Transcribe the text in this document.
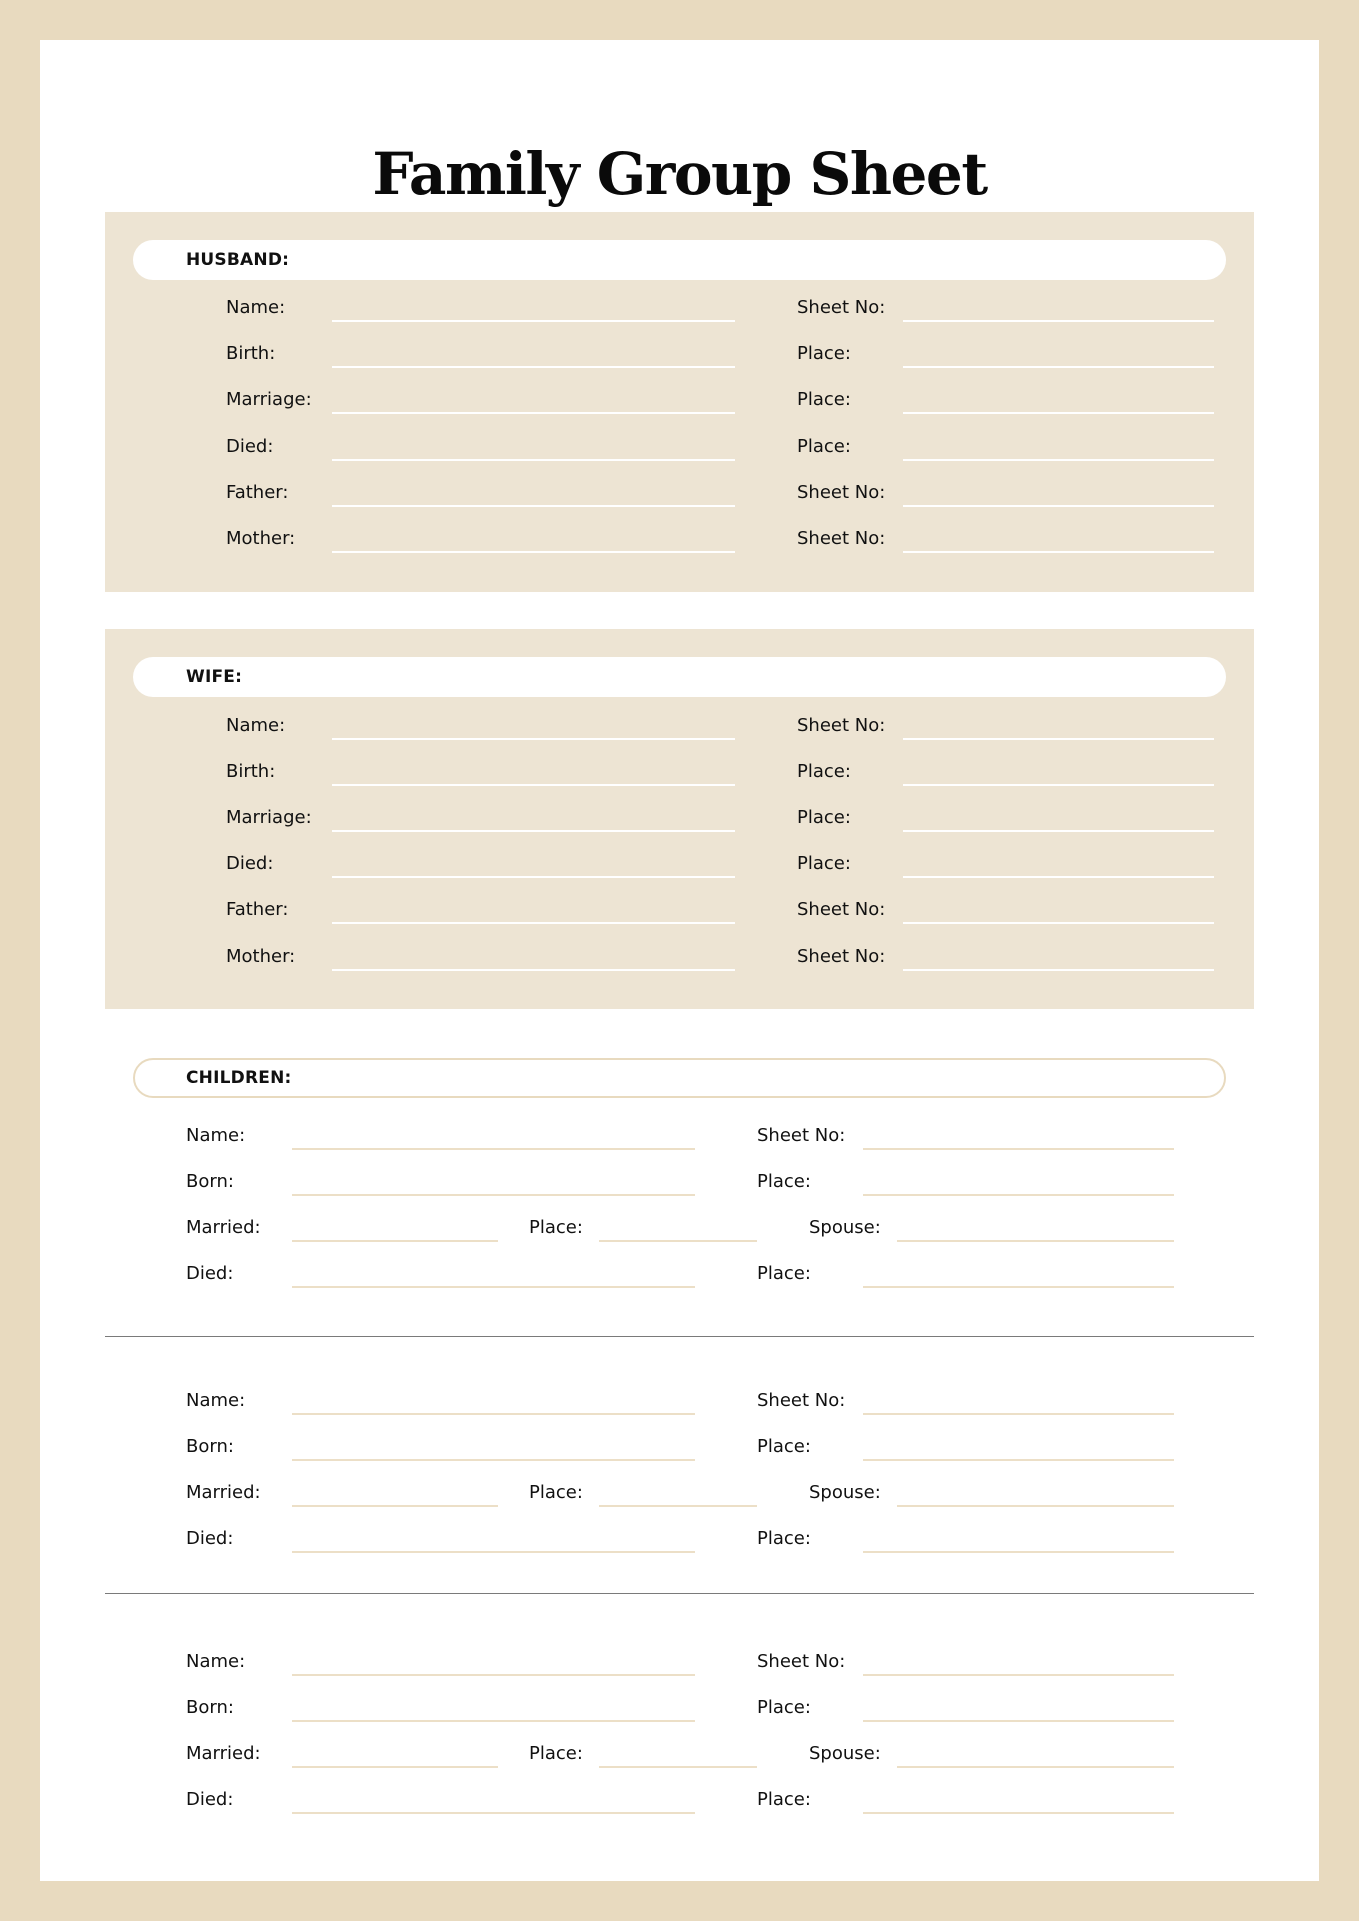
Family Group Sheet
HUSBAND:
Name:	Sheet No:
Birth:	Place:
Marriage:	Place:
Died:	Place:
Father:	Sheet No:
Mother:	Sheet No:
WIFE:
Name:	Sheet No:
Birth:	Place:
Marriage:	Place:
Died:	Place:
Father:	Sheet No:
Mother:	Sheet No:
CHILDREN:
Name:	Sheet No:
Born:	Place:
Married:	Place:	Spouse:
Died:	Place:
Name:	Sheet No:
Born:	Place:
Married:	Place:	Spouse:
Died:	Place:
Name:	Sheet No:
Born:	Place:
Married:	Place:	Spouse:
Died:	Place:
